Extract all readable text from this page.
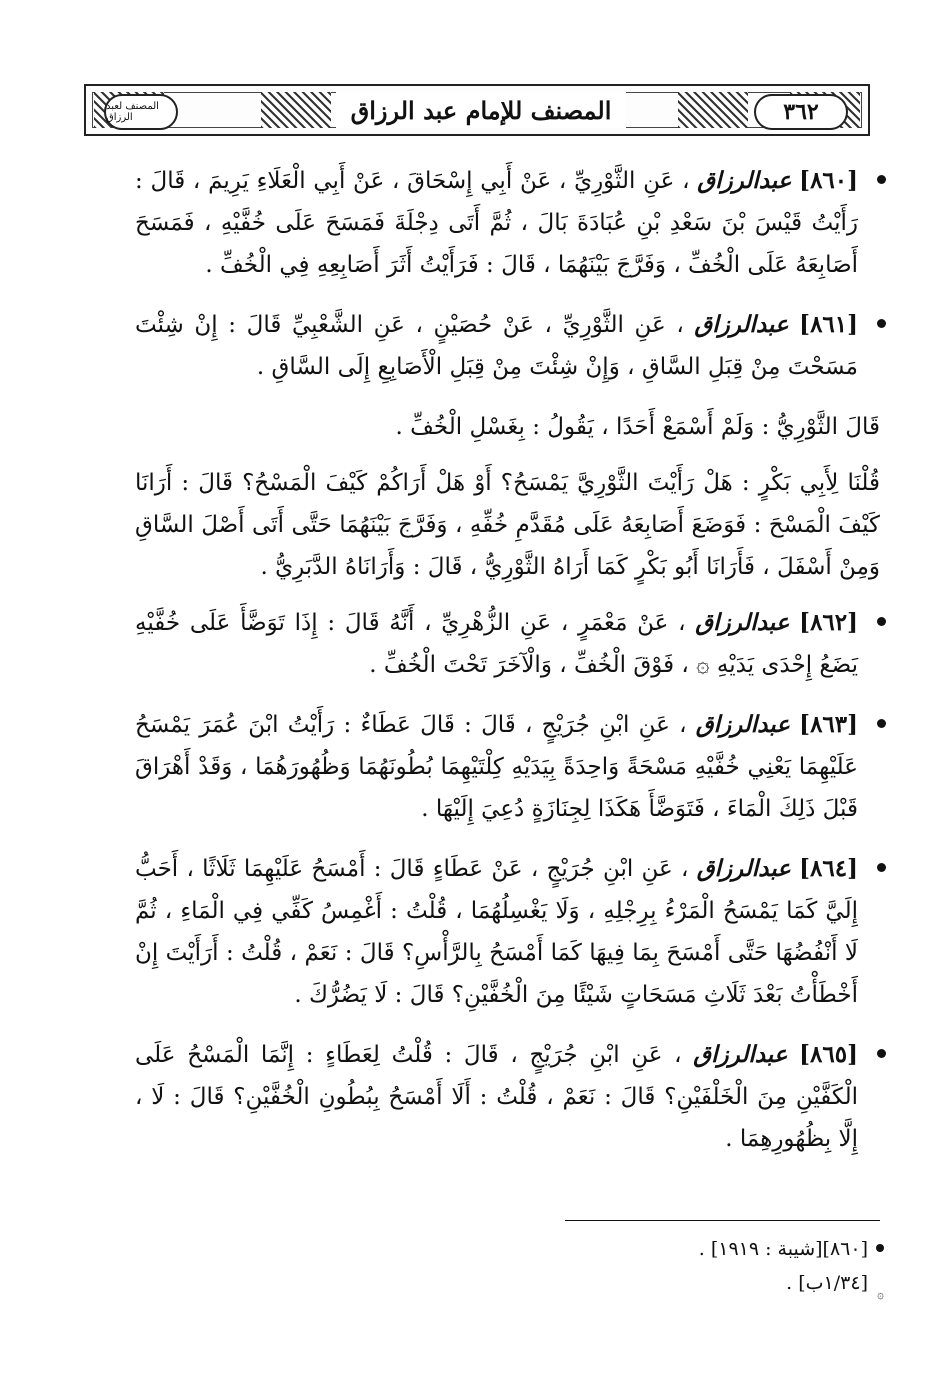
المصنف لعبد الرزاق	المصنف للإمام عبد الرزاق	٣٦٢

[٨٦٠] عبدالرزاق ، عَنِ الثَّوْرِيِّ ، عَنْ أَبِي إِسْحَاقَ ، عَنْ أَبِي الْعَلَاءِ يَرِيمَ ، قَالَ : رَأَيْتُ قَيْسَ بْنَ سَعْدِ بْنِ عُبَادَةَ بَالَ ، ثُمَّ أَتَى دِجْلَةَ فَمَسَحَ عَلَى خُفَّيْهِ ، فَمَسَحَ أَصَابِعَهُ عَلَى الْخُفِّ ، وَفَرَّجَ بَيْنَهُمَا ، قَالَ : فَرَأَيْتُ أَثَرَ أَصَابِعِهِ فِي الْخُفِّ .

[٨٦١] عبدالرزاق ، عَنِ الثَّوْرِيِّ ، عَنْ حُصَيْنٍ ، عَنِ الشَّعْبِيِّ قَالَ : إِنْ شِئْتَ مَسَحْتَ مِنْ قِبَلِ السَّاقِ ، وَإِنْ شِئْتَ مِنْ قِبَلِ الْأَصَابِعِ إِلَى السَّاقِ .

قَالَ الثَّوْرِيُّ : وَلَمْ أَسْمَعْ أَحَدًا ، يَقُولُ : بِغَسْلِ الْخُفِّ .

قُلْنَا لِأَبِي بَكْرٍ : هَلْ رَأَيْتَ الثَّوْرِيَّ يَمْسَحُ؟ أَوْ هَلْ أَرَاكُمْ كَيْفَ الْمَسْحُ؟ قَالَ : أَرَانَا كَيْفَ الْمَسْحَ : فَوَضَعَ أَصَابِعَهُ عَلَى مُقَدَّمِ خُفِّهِ ، وَفَرَّجَ بَيْنَهُمَا حَتَّى أَتَى أَصْلَ السَّاقِ وَمِنْ أَسْفَلَ ، فَأَرَانَا أَبُو بَكْرٍ كَمَا أَرَاهُ الثَّوْرِيُّ ، قَالَ : وَأَرَانَاهُ الدَّبَرِيُّ .

[٨٦٢] عبدالرزاق ، عَنْ مَعْمَرٍ ، عَنِ الزُّهْرِيِّ ، أَنَّهُ قَالَ : إِذَا تَوَضَّأَ عَلَى خُفَّيْهِ يَضَعُ إِحْدَى يَدَيْهِ ۞ ، فَوْقَ الْخُفِّ ، وَالْآخَرَ تَحْتَ الْخُفِّ .

[٨٦٣] عبدالرزاق ، عَنِ ابْنِ جُرَيْجٍ ، قَالَ : قَالَ عَطَاءٌ : رَأَيْتُ ابْنَ عُمَرَ يَمْسَحُ عَلَيْهِمَا يَعْنِي خُفَّيْهِ مَسْحَةً وَاحِدَةً بِيَدَيْهِ كِلْتَيْهِمَا بُطُونَهُمَا وَظُهُورَهُمَا ، وَقَدْ أَهْرَاقَ قَبْلَ ذَلِكَ الْمَاءَ ، فَتَوَضَّأَ هَكَذَا لِجِنَازَةٍ دُعِيَ إِلَيْهَا .

[٨٦٤] عبدالرزاق ، عَنِ ابْنِ جُرَيْجٍ ، عَنْ عَطَاءٍ قَالَ : أَمْسَحُ عَلَيْهِمَا ثَلَاثًا ، أَحَبُّ إِلَيَّ كَمَا يَمْسَحُ الْمَرْءُ بِرِجْلِهِ ، وَلَا يَغْسِلُهُمَا ، قُلْتُ : أَغْمِسُ كَفِّي فِي الْمَاءِ ، ثُمَّ لَا أَنْفُضُهَا حَتَّى أَمْسَحَ بِمَا فِيهَا كَمَا أَمْسَحُ بِالرَّأْسِ؟ قَالَ : نَعَمْ ، قُلْتُ : أَرَأَيْتَ إِنْ أَخْطَأْتُ بَعْدَ ثَلَاثِ مَسَحَاتٍ شَيْئًا مِنَ الْخُفَّيْنِ؟ قَالَ : لَا يَضُرُّكَ .

[٨٦٥] عبدالرزاق ، عَنِ ابْنِ جُرَيْجٍ ، قَالَ : قُلْتُ لِعَطَاءٍ : إِنَّمَا الْمَسْحُ عَلَى الْكَفَّيْنِ مِنَ الْخَلْفَيْنِ؟ قَالَ : نَعَمْ ، قُلْتُ : أَلَا أَمْسَحُ بِبُطُونِ الْخُفَّيْنِ؟ قَالَ : لَا ، إِلَّا بِظُهُورِهِمَا .

[٨٦٠][شيبة : ١٩١٩] .
۞
[١/٣٤ب] .
